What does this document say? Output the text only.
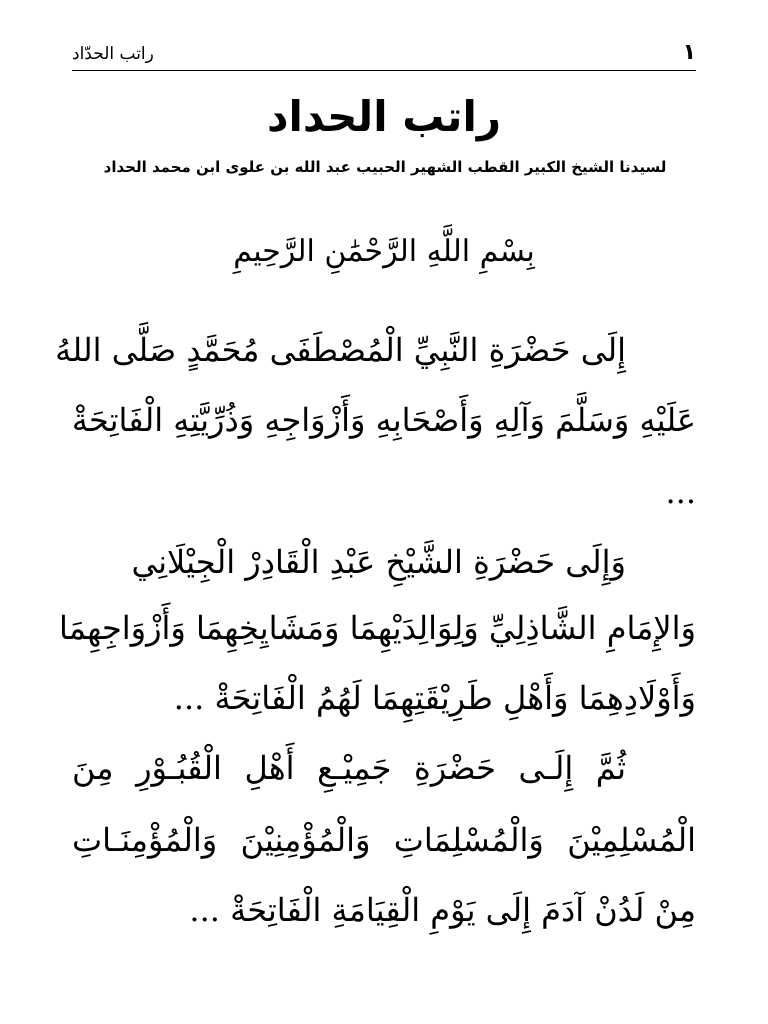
راتب الحدّاد	١
راتب الحداد
لسيدنا الشيخ الكبير القطب الشهير الحبيب عبد الله بن علوى ابن محمد الحداد
بِسْمِ اللَّهِ الرَّحْمَٰنِ الرَّحِيمِ
إِلَى حَضْرَةِ النَّبِيِّ الْمُصْطَفَى مُحَمَّدٍ صَلَّى اللهُ
عَلَيْهِ وَسَلَّمَ وَآلِهِ وَأَصْحَابِهِ وَأَزْوَاجِهِ وَذُرِّيَّتِهِ الْفَاتِحَةْ
...
وَإِلَى حَضْرَةِ الشَّيْخِ عَبْدِ الْقَادِرْ الْجِيْلَانِي
وَالإِمَامِ الشَّاذِلِيِّ وَلِوَالِدَيْهِمَا وَمَشَايِخِهِمَا وَأَزْوَاجِهِمَا
وَأَوْلَادِهِمَا وَأَهْلِ طَرِيْقَتِهِمَا لَهُمُ الْفَاتِحَةْ ...
ثُمَّ إِلَـى حَضْرَةِ جَمِيْـعِ أَهْلِ الْقُبُـوْرِ مِنَ
الْمُسْلِمِيْنَ وَالْمُسْلِمَاتِ وَالْمُؤْمِنِيْنَ وَالْمُؤْمِنَـاتِ
مِنْ لَدُنْ آدَمَ إِلَى يَوْمِ الْقِيَامَةِ الْفَاتِحَةْ ...
